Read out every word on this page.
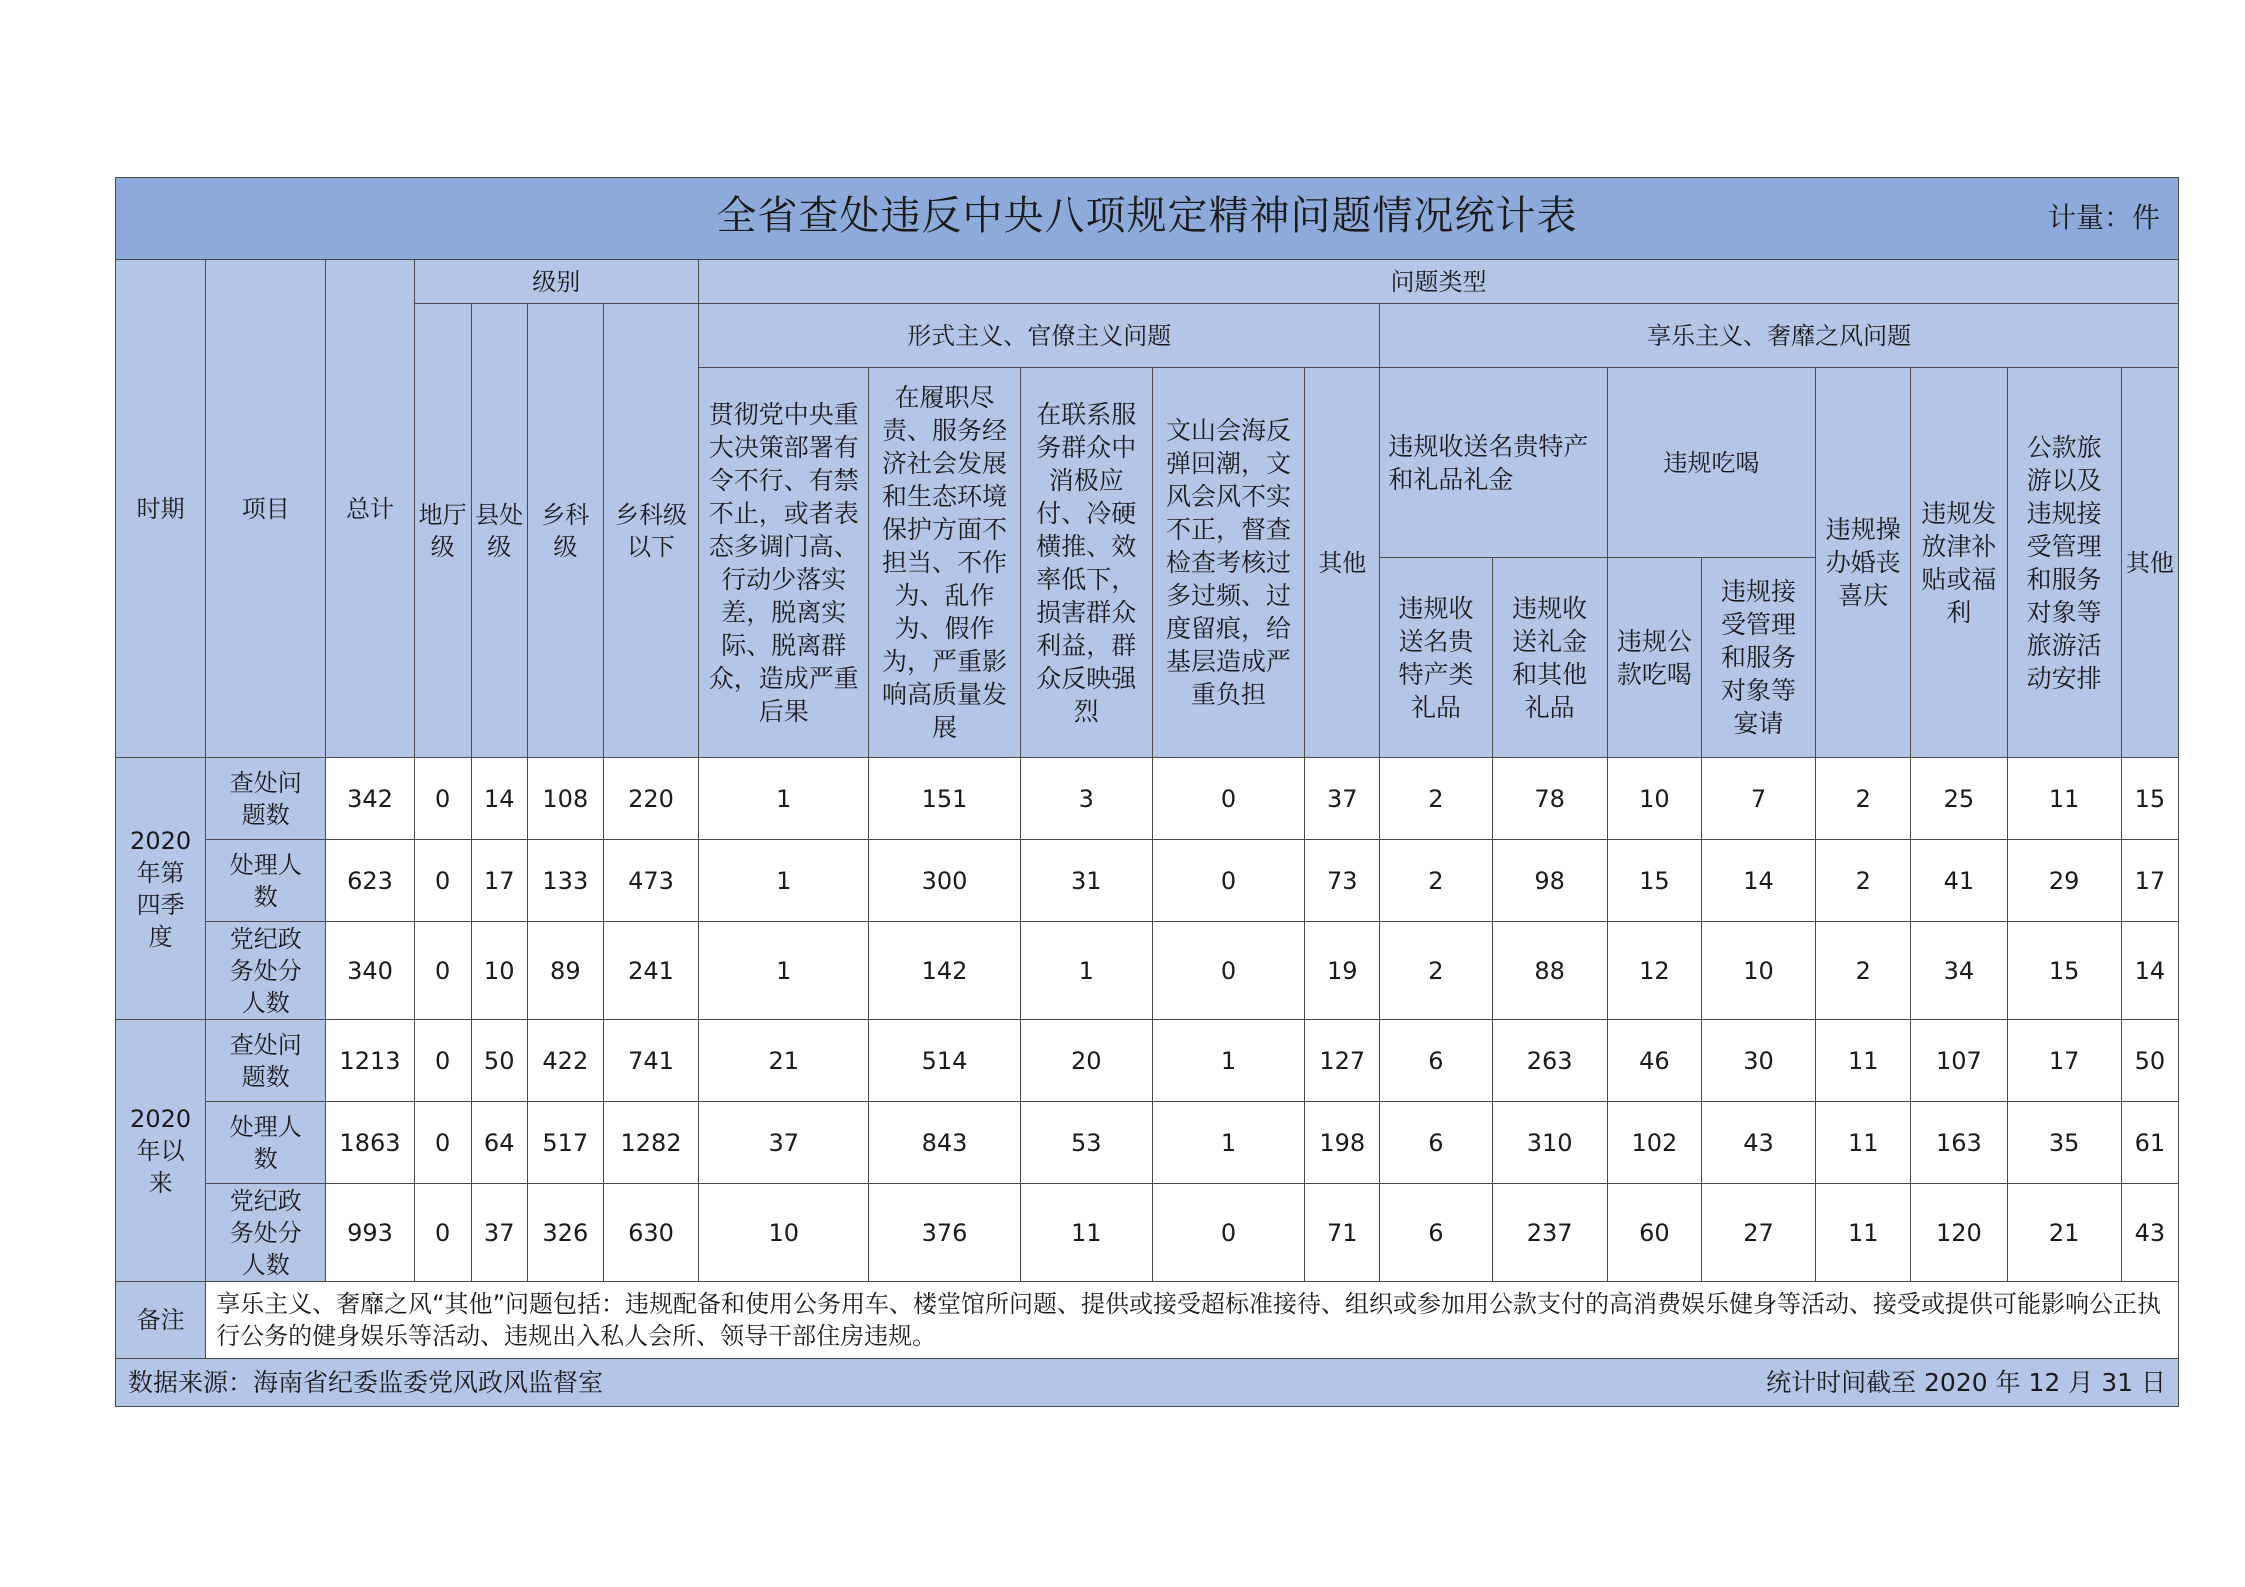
全省查处违反中央八项规定精神问题情况统计表 计量：件																			

时期	项目	总计	级别				问题类型												
			地厅级	县处级	乡科级	乡科级以下	形式主义、官僚主义问题					享乐主义、奢靡之风问题							
							贯彻党中央重大决策部署有令不行、有禁不止，或者表态多调门高、行动少落实差，脱离实际、脱离群众，造成严重后果	在履职尽责、服务经济社会发展和生态环境保护方面不担当、不作为、乱作为、假作为，严重影响高质量发展	在联系服务群众中消极应付、冷硬横推、效率低下，损害群众利益，群众反映强烈	文山会海反弹回潮，文风会风不实不正，督查检查考核过多过频、过度留痕，给基层造成严重负担	其他	违规收送名贵特产和礼品礼金		违规吃喝		违规操办婚丧喜庆	违规发放津补贴或福利	公款旅游以及违规接受管理和服务对象等旅游活动安排	其他
												违规收送名贵特产类礼品	违规收送礼金和其他礼品	违规公款吃喝	违规接受管理和服务对象等宴请				
2020年第四季度	查处问题数	342	0	14	108	220	1	151	3	0	37	2	78	10	7	2	25	11	15
	处理人数	623	0	17	133	473	1	300	31	0	73	2	98	15	14	2	41	29	17
	党纪政务处分人数	340	0	10	89	241	1	142	1	0	19	2	88	12	10	2	34	15	14
2020年以来	查处问题数	1213	0	50	422	741	21	514	20	1	127	6	263	46	30	11	107	17	50
	处理人数	1863	0	64	517	1282	37	843	53	1	198	6	310	102	43	11	163	35	61
	党纪政务处分人数	993	0	37	326	630	10	376	11	0	71	6	237	60	27	11	120	21	43
备注	享乐主义、奢靡之风“其他”问题包括：违规配备和使用公务用车、楼堂馆所问题、提供或接受超标准接待、组织或参加用公款支付的高消费娱乐健身等活动、接受或提供可能影响公正执行公务的健身娱乐等活动、违规出入私人会所、领导干部住房违规。																		
数据来源：海南省纪委监委党风政风监督室 统计时间截至 2020 年 12 月 31 日																			
